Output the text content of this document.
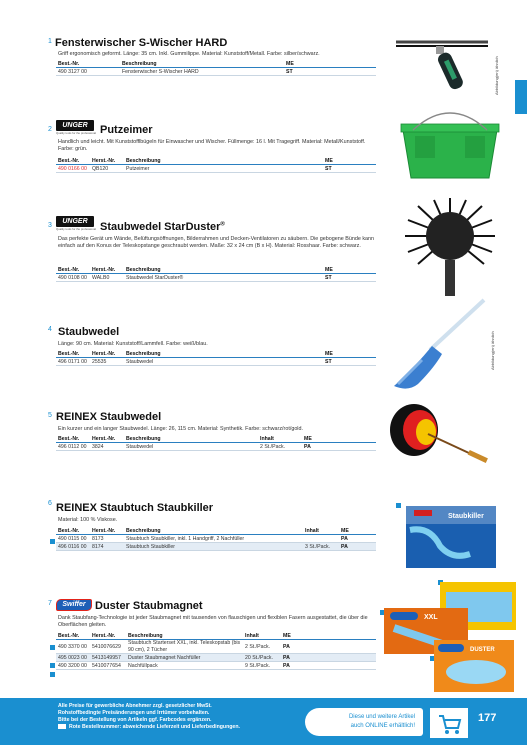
1 Fensterwischer S-Wischer HARD
Griff ergonomisch geformt. Länge: 35 cm. Inkl. Gummilippe. Material: Kunststoff/Metall. Farbe: silber/schwarz.
Best.-Nr.	Beschreibung	ME
490 3127 00	Fensterwischer S-Wischer HARD	ST	Abbildung(en) ähnlich
2
UNGER
Quality tools for the professional Putzeimer
Handlich und leicht. Mit Kunststofflbügeln für Einwascher und Wischer. Füllmenge: 16 l. Mit Tragegriff. Material: Metall/Kunststoff. Farbe: grün.
Best.-Nr.	Herst.-Nr.	Beschreibung	ME
490 0166 00	QB120	Putzeimer	ST
3
UNGER
Quality tools for the professional Staubwedel StarDuster®
Das perfekte Gerät um Wände, Belüftungsöffnungen, Bilderrahmen und Decken-Ventilatoren zu säubern. Die gebogene Bünde kann einfach auf den Konus der Teleskopstange geschraubt werden. Maße: 32 x 24 cm (B x H). Material: Rosshaar. Farbe: schwarz.
Best.-Nr.	Herst.-Nr.	Beschreibung	ME
490 0108 00	WALB0	Staubwedel StarDuster®	ST
4 Staubwedel
Länge: 90 cm. Material: Kunststoff/Lammfell. Farbe: weiß/blau.
Best.-Nr.	Herst.-Nr.	Beschreibung	ME
496 0171 00	25535	Staubwedel	ST	Abbildung(en) ähnlich
5 REINEX Staubwedel
Ein kurzer und ein langer Staubwedel. Länge: 26, 115 cm. Material: Synthetik. Farbe: schwarz/rot/gold.
Best.-Nr.	Herst.-Nr.	Beschreibung	Inhalt	ME
496 0112 00	3824	Staubwedel	2 St./Pack.	PA
6 REINEX Staubtuch Staubkiller
Material: 100 % Viskose.
Best.-Nr.	Herst.-Nr.	Beschreibung	Inhalt	ME
490 0115 00	8173	Staubtuch Staubkiller, inkl. 1 Handgriff, 2 Nachfüller		PA
496 0116 00	8174	Staubtuch Staubkiller	3 St./Pack.	PA
Staubkiller
7	Swiffer Duster Staubmagnet
Dank Staubfang-Technologie ist jeder Staubmagnet mit tausenden von flauschigen und flexiblen Fasern ausgestattet, die über die Oberflächen gleiten.
Best.-Nr.	Herst.-Nr.	Beschreibung	Inhalt	ME
490 3370 00	5410076629	Staubtuch Starterset XXL, inkl. Teleskopstab (bis 90 cm), 2 Tücher	2 St./Pack.	PA
495 0023 00	5413149957	Duster Staubmagnet Nachfüller	20 St./Pack.	PA
490 3200 00	5410077654	Nachfüllpack	9 St./Pack.	PA
XXL
DUSTER
Alle Preise für gewerbliche Abnehmer zzgl. gesetzlicher MwSt.
Rohstoffbedingte Preisänderungen und Irrtümer vorbehalten.
Bitte bei der Bestellung von Artikeln ggf. Farbcodes ergänzen.
Rote Bestellnummer: abweichende Lieferzeit und Lieferbedingungen.
Diese und weitere Artikel
auch ONLINE erhältlich!
177
